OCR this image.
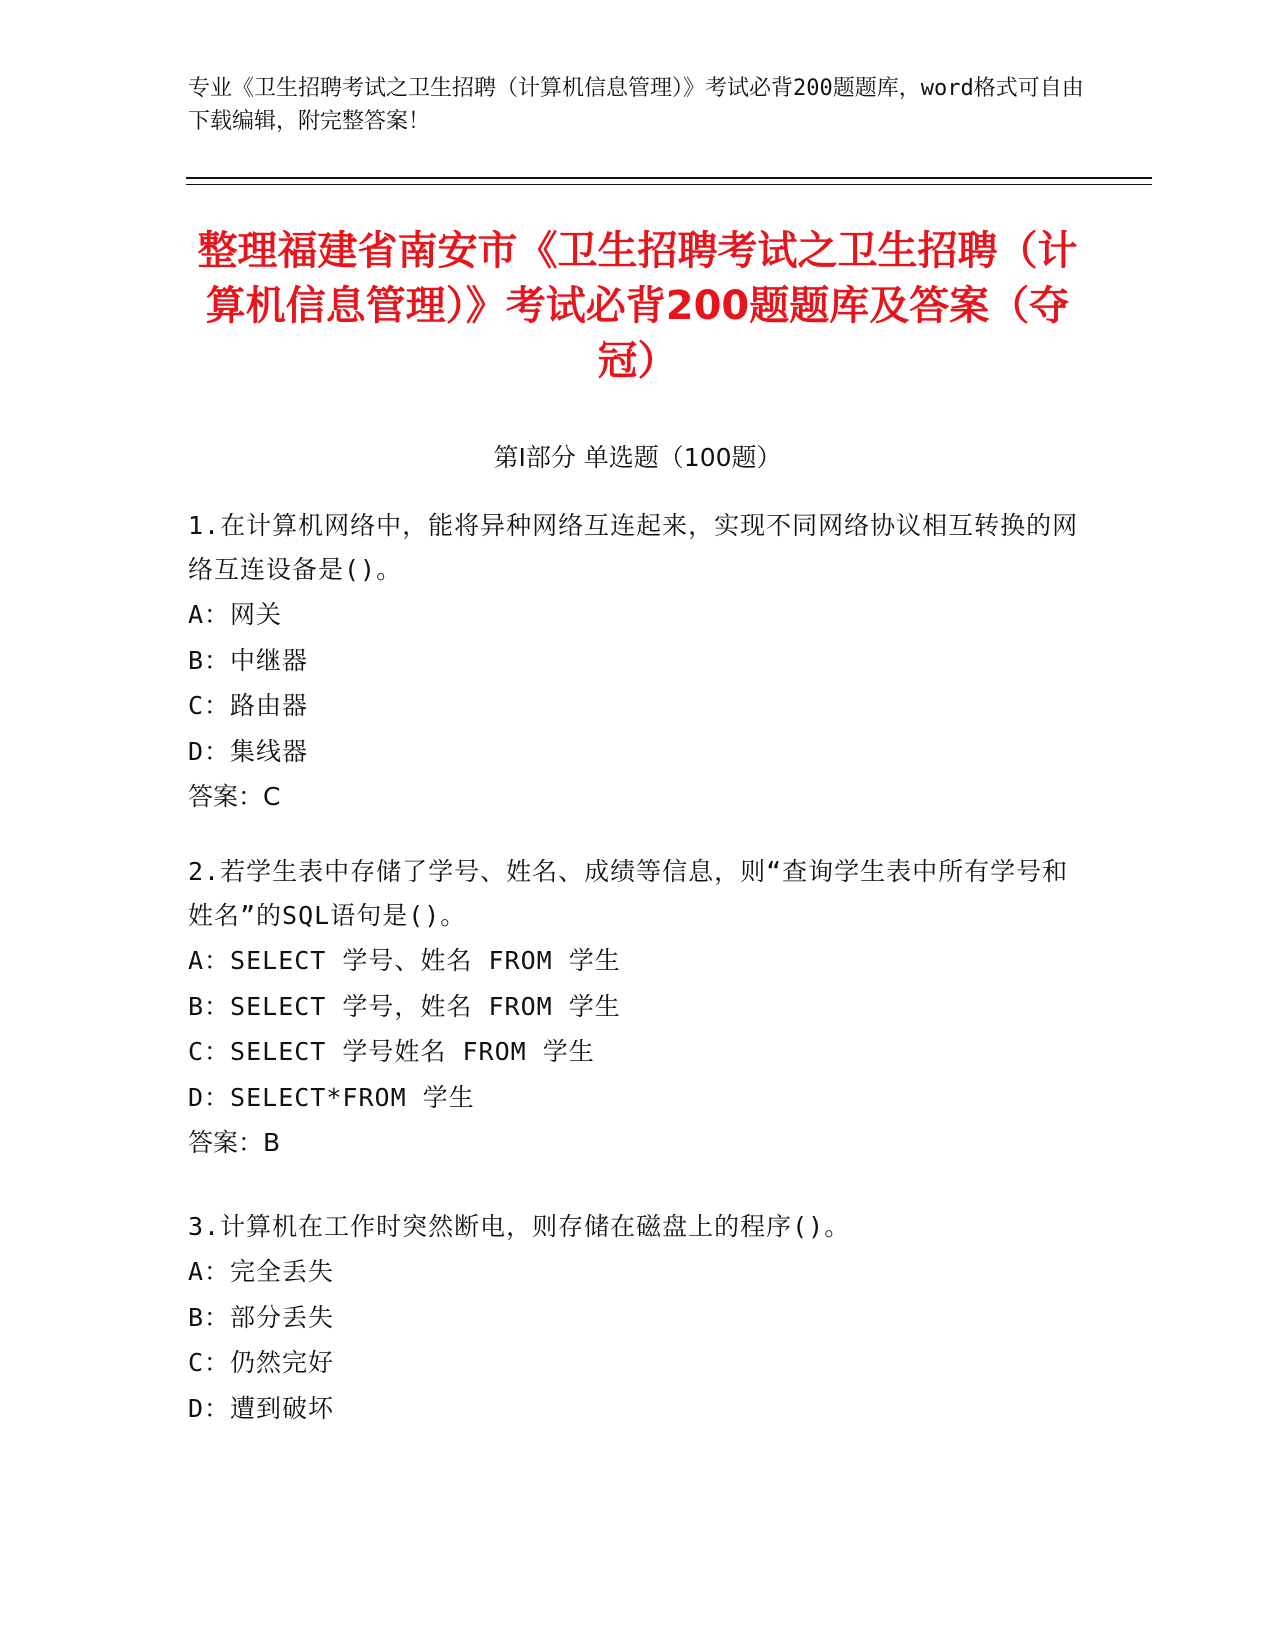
专业《卫生招聘考试之卫生招聘（计算机信息管理）》考试必背200题题库，word格式可自由下载编辑，附完整答案！
整理福建省南安市《卫生招聘考试之卫生招聘（计算机信息管理）》考试必背200题题库及答案（夺冠）
第Ⅰ部分 单选题（100题）
1.在计算机网络中，能将异种网络互连起来，实现不同网络协议相互转换的网络互连设备是()。
A：网关
B：中继器
C：路由器
D：集线器
答案：C
2.若学生表中存储了学号、姓名、成绩等信息，则“查询学生表中所有学号和姓名”的SQL语句是()。
A：SELECT 学号、姓名 FROM 学生
B：SELECT 学号，姓名 FROM 学生
C：SELECT 学号姓名 FROM 学生
D：SELECT*FROM 学生
答案：B
3.计算机在工作时突然断电，则存储在磁盘上的程序()。
A：完全丢失
B：部分丢失
C：仍然完好
D：遭到破坏
